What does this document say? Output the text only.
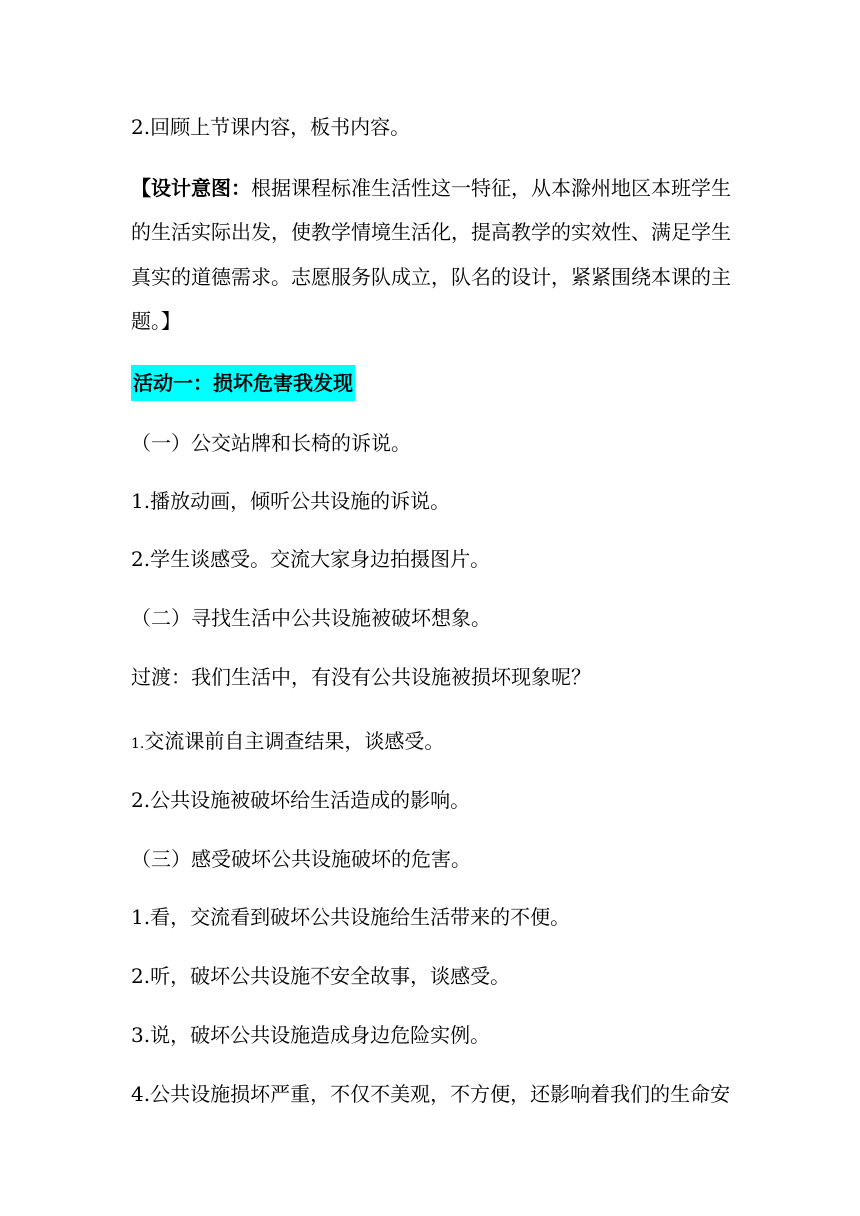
2.回顾上节课内容，板书内容。
【设计意图：根据课程标准生活性这一特征，从本滁州地区本班学生
的生活实际出发，使教学情境生活化，提高教学的实效性、满足学生
真实的道德需求。志愿服务队成立，队名的设计，紧紧围绕本课的主
题。】
活动一：损坏危害我发现
（一）公交站牌和长椅的诉说。
1.播放动画，倾听公共设施的诉说。
2.学生谈感受。交流大家身边拍摄图片。
（二）寻找生活中公共设施被破坏想象。
过渡：我们生活中，有没有公共设施被损坏现象呢？
1.交流课前自主调查结果，谈感受。
2.公共设施被破坏给生活造成的影响。
（三）感受破坏公共设施破坏的危害。
1.看，交流看到破坏公共设施给生活带来的不便。
2.听，破坏公共设施不安全故事，谈感受。
3.说，破坏公共设施造成身边危险实例。
4.公共设施损坏严重，不仅不美观，不方便，还影响着我们的生命安
